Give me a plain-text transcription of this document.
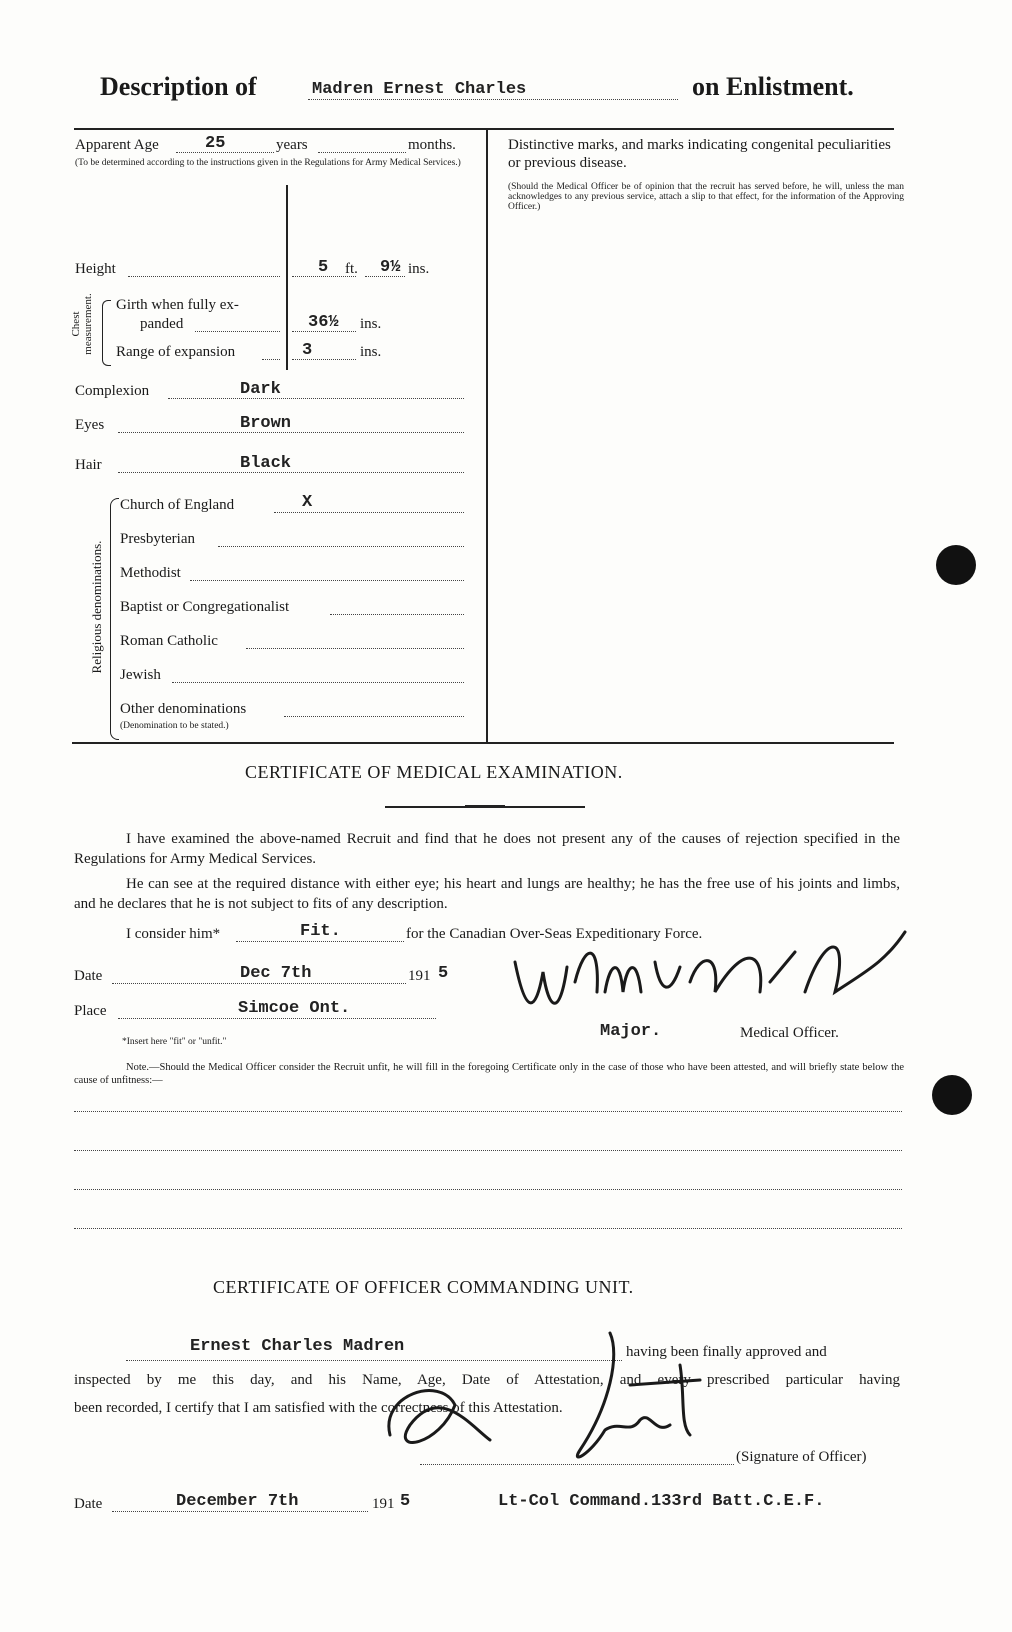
Description of	Madren Ernest Charles	on Enlistment.
Apparent Age	25	years	months.
(To be determined according to the instructions given in the Regulations for Army Medical Services.)
Height	5 ft. 9½ ins.
Chest measurement. Girth when fully ex-
panded	36½ ins.
Range of expansion	3	ins.
Complexion	Dark
Eyes	Brown
Hair	Black
Religious denominations.
Church of England	X
Presbyterian
Methodist
Baptist or Congregationalist
Roman Catholic
Jewish
Other denominations
(Denomination to be stated.)
Distinctive marks, and marks indicating congenital peculiarities or previous disease.
(Should the Medical Officer be of opinion that the recruit has served before, he will, unless the man acknowledges to any previous service, attach a slip to that effect, for the information of the Approving Officer.)
CERTIFICATE OF MEDICAL EXAMINATION.
I have examined the above-named Recruit and find that he does not present any of the causes of rejection specified in the Regulations for Army Medical Services.
He can see at the required distance with either eye; his heart and lungs are healthy; he has the free use of his joints and limbs, and he declares that he is not subject to fits of any description.
I consider him*	Fit.	for the Canadian Over-Seas Expeditionary Force.
Date	Dec 7th	191 5
Place	Simcoe Ont.
*Insert here "fit" or "unfit."
Major.	Medical Officer.
Note.—Should the Medical Officer consider the Recruit unfit, he will fill in the foregoing Certificate only in the case of those who have been attested, and will briefly state below the cause of unfitness:—
CERTIFICATE OF OFFICER COMMANDING UNIT.
Ernest Charles Madren	having been finally approved and
inspected by me this day, and his Name, Age, Date of Attestation, and every prescribed particular having
been recorded, I certify that I am satisfied with the correctness of this Attestation.
(Signature of Officer)
Date	December 7th	191 5	Lt-Col Command.133rd Batt.C.E.F.
